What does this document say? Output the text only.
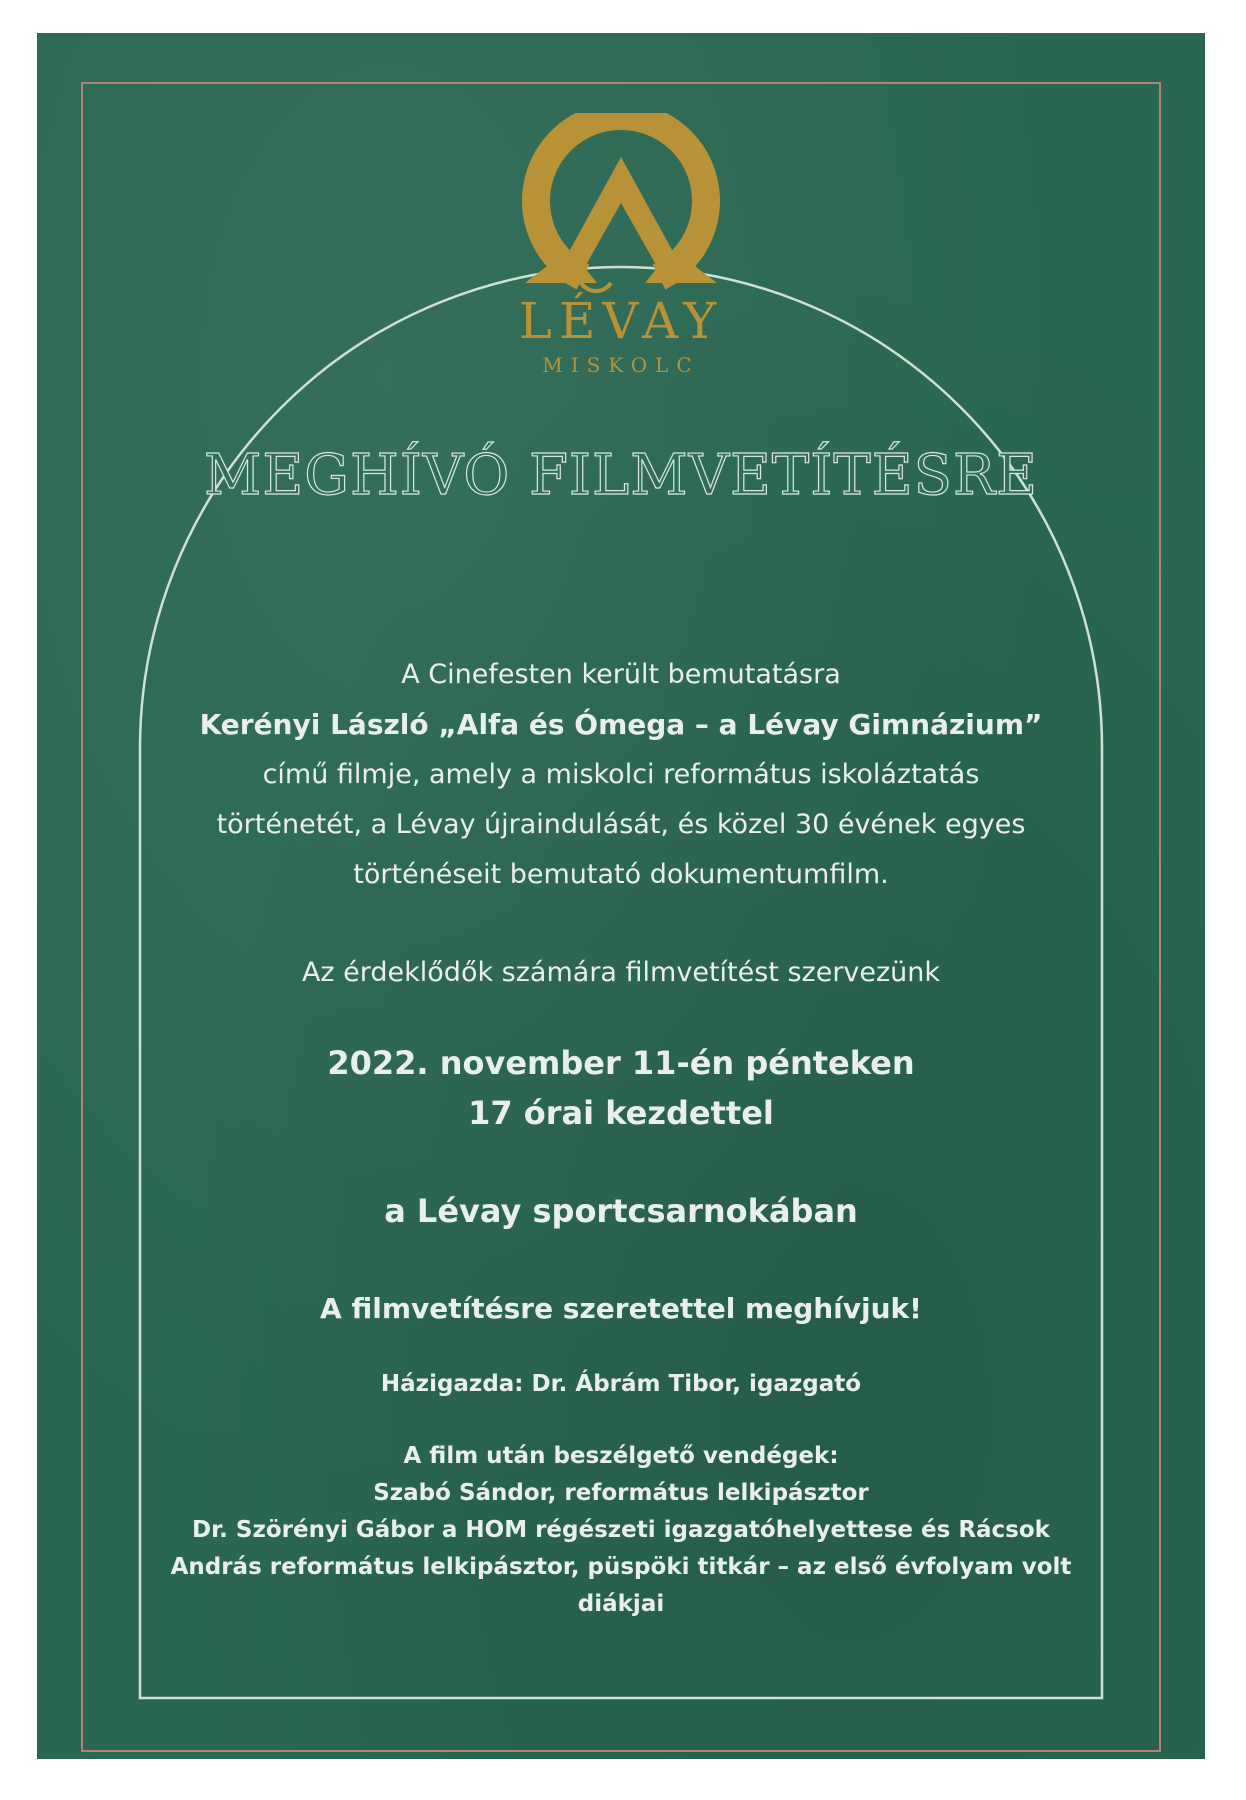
LÉVAY
MISKOLC
MEGHÍVÓ FILMVETÍTÉSRE
A Cinefesten került bemutatásra
Kerényi László „Alfa és Ómega – a Lévay Gimnázium”
című filmje, amely a miskolci református iskoláztatás
történetét, a Lévay újraindulását, és közel 30 évének egyes
történéseit bemutató dokumentumfilm.
Az érdeklődők számára filmvetítést szervezünk
2022. november 11-én pénteken
17 órai kezdettel
a Lévay sportcsarnokában
A filmvetítésre szeretettel meghívjuk!
Házigazda: Dr. Ábrám Tibor, igazgató
A film után beszélgető vendégek:
Szabó Sándor, református lelkipásztor
Dr. Szörényi Gábor a HOM régészeti igazgatóhelyettese és Rácsok
András református lelkipásztor, püspöki titkár – az első évfolyam volt
diákjai
